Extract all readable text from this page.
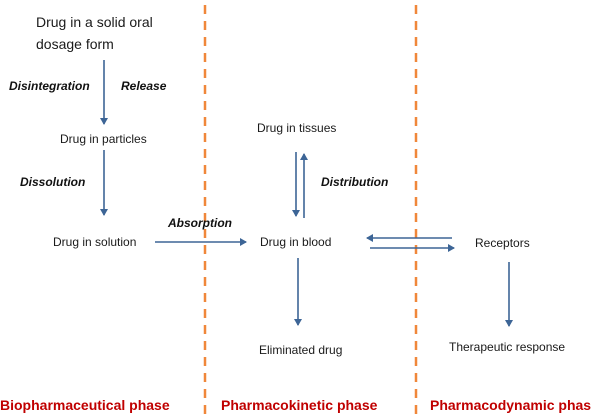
Drug in a solid oral
dosage form
Drug in particles
Drug in solution
Drug in tissues
Drug in blood
Eliminated drug
Receptors
Therapeutic response
Disintegration	Release
Dissolution
Absorption
Distribution
Biopharmaceutical phase	Pharmacokinetic phase	Pharmacodynamic phas
